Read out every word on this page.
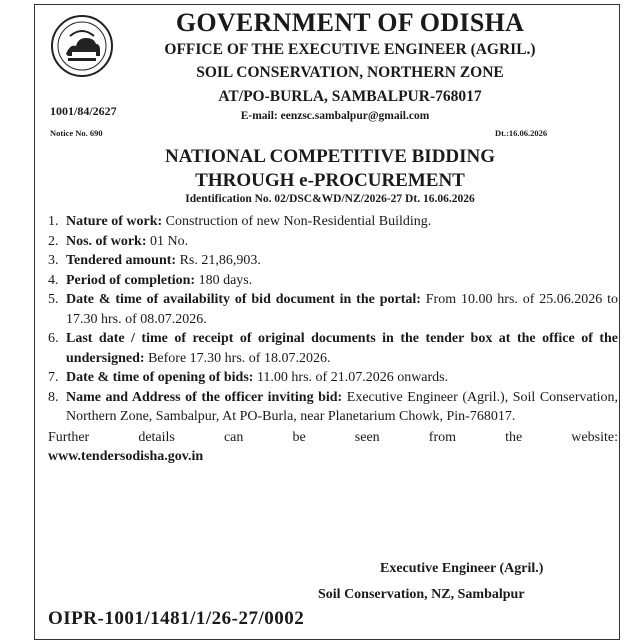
GOVERNMENT OF ODISHA
OFFICE OF THE EXECUTIVE ENGINEER (AGRIL.)
SOIL CONSERVATION, NORTHERN ZONE
AT/PO-BURLA, SAMBALPUR-768017
E-mail: eenzsc.sambalpur@gmail.com
1001/84/2627
Notice No. 690	Dt.:16.06.2026
NATIONAL COMPETITIVE BIDDING
THROUGH e-PROCUREMENT
Identification No. 02/DSC&WD/NZ/2026-27 Dt. 16.06.2026
1. Nature of work: Construction of new Non-Residential Building.
2. Nos. of work: 01 No.
3. Tendered amount: Rs. 21,86,903.
4. Period of completion: 180 days.
5. Date & time of availability of bid document in the portal: From 10.00 hrs. of 25.06.2026 to 17.30 hrs. of 08.07.2026.
6. Last date / time of receipt of original documents in the tender box at the office of the undersigned: Before 17.30 hrs. of 18.07.2026.
7. Date & time of opening of bids: 11.00 hrs. of 21.07.2026 onwards.
8. Name and Address of the officer inviting bid: Executive Engineer (Agril.), Soil Conservation, Northern Zone, Sambalpur, At PO-Burla, near Planetarium Chowk, Pin-768017.
Further	details	can	be	seen	from	the	website:
www.tendersodisha.gov.in
Executive Engineer (Agril.)
Soil Conservation, NZ, Sambalpur
OIPR-1001/1481/1/26-27/0002
